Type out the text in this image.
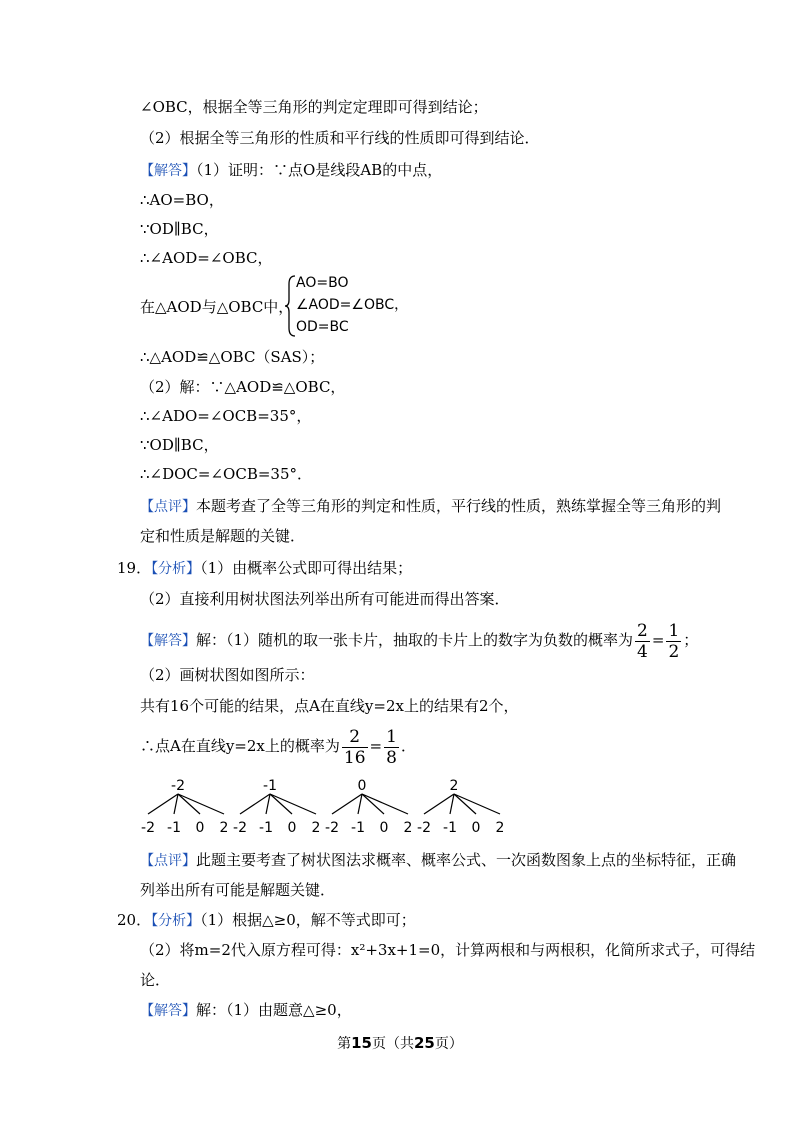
∠OBC，根据全等三角形的判定定理即可得到结论；
（2）根据全等三角形的性质和平行线的性质即可得到结论．
【解答】（1）证明：∵点O是线段AB的中点，
∴AO=BO，
∵OD∥BC，
∴∠AOD=∠OBC，
在△AOD与△OBC中，
AO=BO
∠AOD=∠OBC，
OD=BC
∴△AOD≌△OBC（SAS）；
（2）解：∵△AOD≌△OBC，
∴∠ADO=∠OCB=35°，
∵OD∥BC，
∴∠DOC=∠OCB=35°．
【点评】本题考查了全等三角形的判定和性质，平行线的性质，熟练掌握全等三角形的判
定和性质是解题的关键．
19．【分析】（1）由概率公式即可得出结果；
（2）直接利用树状图法列举出所有可能进而得出答案．
【解答】解：（1）随机的取一张卡片，抽取的卡片上的数字为负数的概率为 $\frac{2}{4} = \frac{1}{2}$ ；
（2）画树状图如图所示：
共有16个可能的结果，点A在直线y=2x上的结果有2个，
∴点A在直线y=2x上的概率为 $\frac{2}{16} = \frac{1}{8}$ ．
-2
-2 -1 0 2
-1
-2 -1 0 2
0
-2 -1 0 2
2
-2 -1 0 2
【点评】此题主要考查了树状图法求概率、概率公式、一次函数图象上点的坐标特征，正确
列举出所有可能是解题关键．
20．【分析】（1）根据△≥0，解不等式即可；
（2）将m=2代入原方程可得：x²+3x+1=0，计算两根和与两根积，化简所求式子，可得结
论．
【解答】解：（1）由题意△≥0，
第15页（共25页）
